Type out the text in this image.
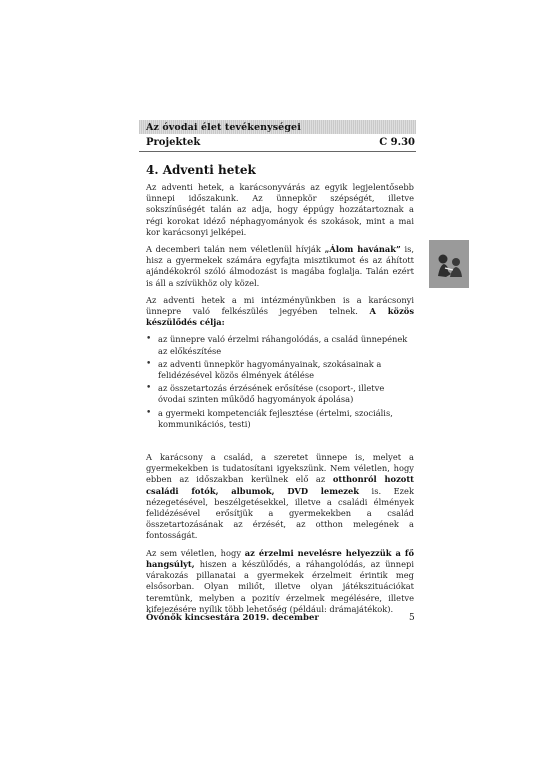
Az óvodai élet tevékenységei
Projektek	C 9.30
4. Adventi hetek

Az adventi hetek, a karácsonyvárás az egyik legjelentősebb ünnepi időszakunk. Az ünnepkör szépségét, illetve sokszínűségét talán az adja, hogy éppúgy hozzátartoznak a régi korokat idéző néphagyományok és szokások, mint a mai kor karácsonyi jelképei.

A decemberi talán nem véletlenül hívják „Álom havának” is, hisz a gyermekek számára egyfajta misztikumot és az áhított ajándékokról szóló álmodozást is magába foglalja. Talán ezért is áll a szívükhöz oly közel.

Az adventi hetek a mi intézményünkben is a karácsonyi ünnepre való felkészülés jegyében telnek. A közös készülődés célja:

• az ünnepre való érzelmi ráhangolódás, a család ünnepének az előkészítése
• az adventi ünnepkör hagyományainak, szokásainak a felidézésével közös élmények átélése
• az összetartozás érzésének erősítése (csoport-, illetve óvodai szinten működő hagyományok ápolása)
• a gyermeki kompetenciák fejlesztése (értelmi, szociális, kommunikációs, testi)

A karácsony a család, a szeretet ünnepe is, melyet a gyermekekben is tudatosítani igyekszünk. Nem véletlen, hogy ebben az időszakban kerülnek elő az otthonról hozott családi fotók, albumok, DVD lemezek is. Ezek nézegetésével, beszélgetésekkel, illetve a családi élmények felidézésével erősítjük a gyermekekben a család összetartozásának az érzését, az otthon melegének a fontosságát.

Az sem véletlen, hogy az érzelmi nevelésre helyezzük a fő hangsúlyt, hiszen a készülődés, a ráhangolódás, az ünnepi várakozás pillanatai a gyermekek érzelmeit érintik meg elsősorban. Olyan miliőt, illetve olyan játékszituációkat teremtünk, melyben a pozitív érzelmek megélésére, illetve kifejezésére nyílik több lehetőség (például: drámajátékok).

Óvónők kincsestára 2019. december	5
